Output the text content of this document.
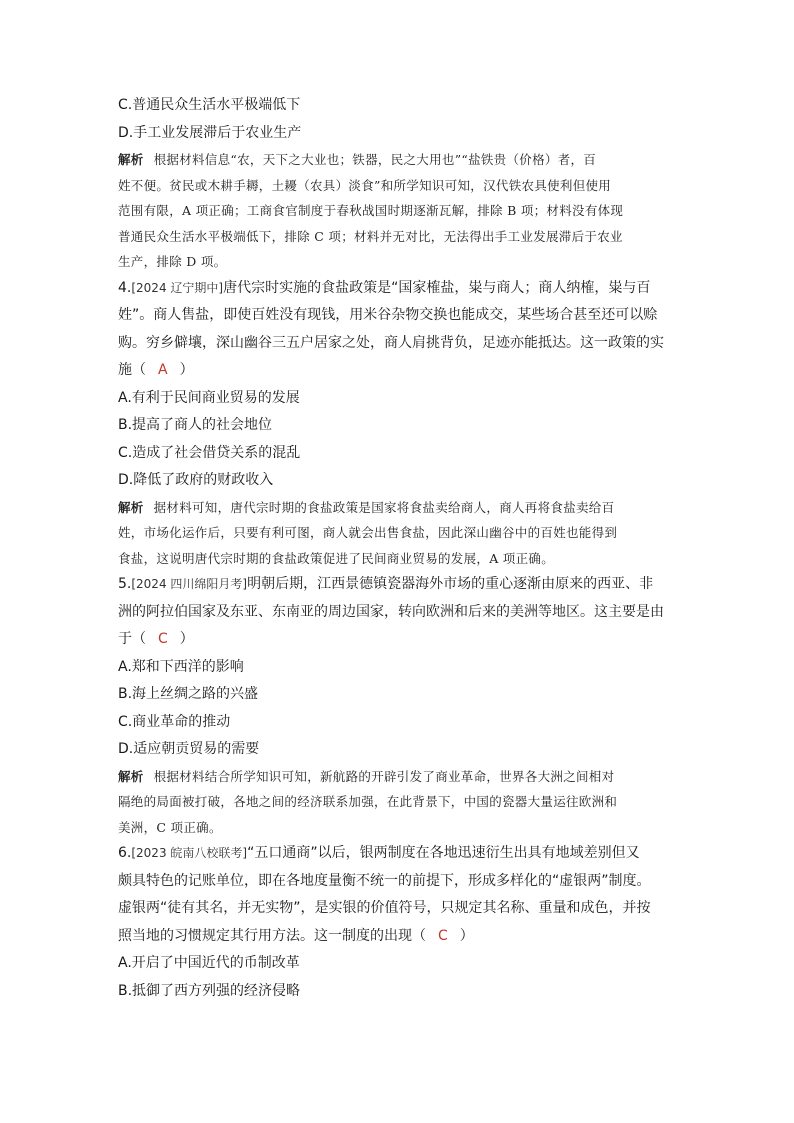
C.普通民众生活水平极端低下
D.手工业发展滞后于农业生产
解析 根据材料信息“农，天下之大业也；铁器，民之大用也”“盐铁贵（价格）者，百
姓不便。贫民或木耕手耨，土耰（农具）淡食”和所学知识可知，汉代铁农具使利但使用
范围有限，A 项正确；工商食官制度于春秋战国时期逐渐瓦解，排除 B 项；材料没有体现
普通民众生活水平极端低下，排除 C 项；材料并无对比，无法得出手工业发展滞后于农业
生产，排除 D 项。
4.[2024 辽宁期中]唐代宗时实施的食盐政策是“国家榷盐，粜与商人；商人纳榷，粜与百
姓”。商人售盐，即使百姓没有现钱，用米谷杂物交换也能成交，某些场合甚至还可以赊
购。穷乡僻壤，深山幽谷三五户居家之处，商人肩挑背负，足迹亦能抵达。这一政策的实
施（ A ）
A.有利于民间商业贸易的发展
B.提高了商人的社会地位
C.造成了社会借贷关系的混乱
D.降低了政府的财政收入
解析 据材料可知，唐代宗时期的食盐政策是国家将食盐卖给商人，商人再将食盐卖给百
姓，市场化运作后，只要有利可图，商人就会出售食盐，因此深山幽谷中的百姓也能得到
食盐，这说明唐代宗时期的食盐政策促进了民间商业贸易的发展，A 项正确。
5.[2024 四川绵阳月考]明朝后期，江西景德镇瓷器海外市场的重心逐渐由原来的西亚、非
洲的阿拉伯国家及东亚、东南亚的周边国家，转向欧洲和后来的美洲等地区。这主要是由
于（ C ）
A.郑和下西洋的影响
B.海上丝绸之路的兴盛
C.商业革命的推动
D.适应朝贡贸易的需要
解析 根据材料结合所学知识可知，新航路的开辟引发了商业革命，世界各大洲之间相对
隔绝的局面被打破，各地之间的经济联系加强，在此背景下，中国的瓷器大量运往欧洲和
美洲，C 项正确。
6.[2023 皖南八校联考]“五口通商”以后，银两制度在各地迅速衍生出具有地域差别但又
颇具特色的记账单位，即在各地度量衡不统一的前提下，形成多样化的“虚银两”制度。
虚银两“徒有其名，并无实物”，是实银的价值符号，只规定其名称、重量和成色，并按
照当地的习惯规定其行用方法。这一制度的出现（ C ）
A.开启了中国近代的币制改革
B.抵御了西方列强的经济侵略
